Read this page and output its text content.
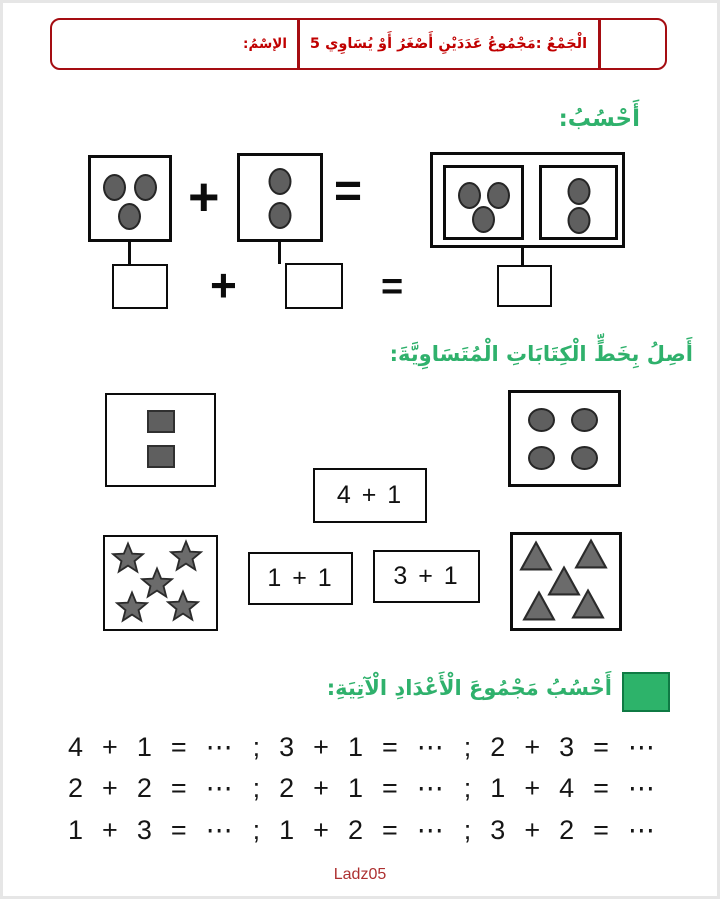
الإسْمُ:	الْجَمْعُ :مَجْمُوعُ عَدَدَيْنِ أَصْغَرُ أَوْ يُسَاوِي 5
أَحْسُبُ:
+ =
+	=
أَصِلُ بِخَطٍّ الْكِتَابَاتِ الْمُتَسَاوِيَّةَ:
4 + 1
1 + 1 3 + 1
أَحْسُبُ مَجْمُوعَ الْأَعْدَادِ الْآتِيَةِ:
4 + 1 = ⋯ ; 3 + 1 = ⋯ ; 2 + 3 = ⋯
2 + 2 = ⋯ ; 2 + 1 = ⋯ ; 1 + 4 = ⋯
1 + 3 = ⋯ ; 1 + 2 = ⋯ ; 3 + 2 = ⋯
Ladz05
